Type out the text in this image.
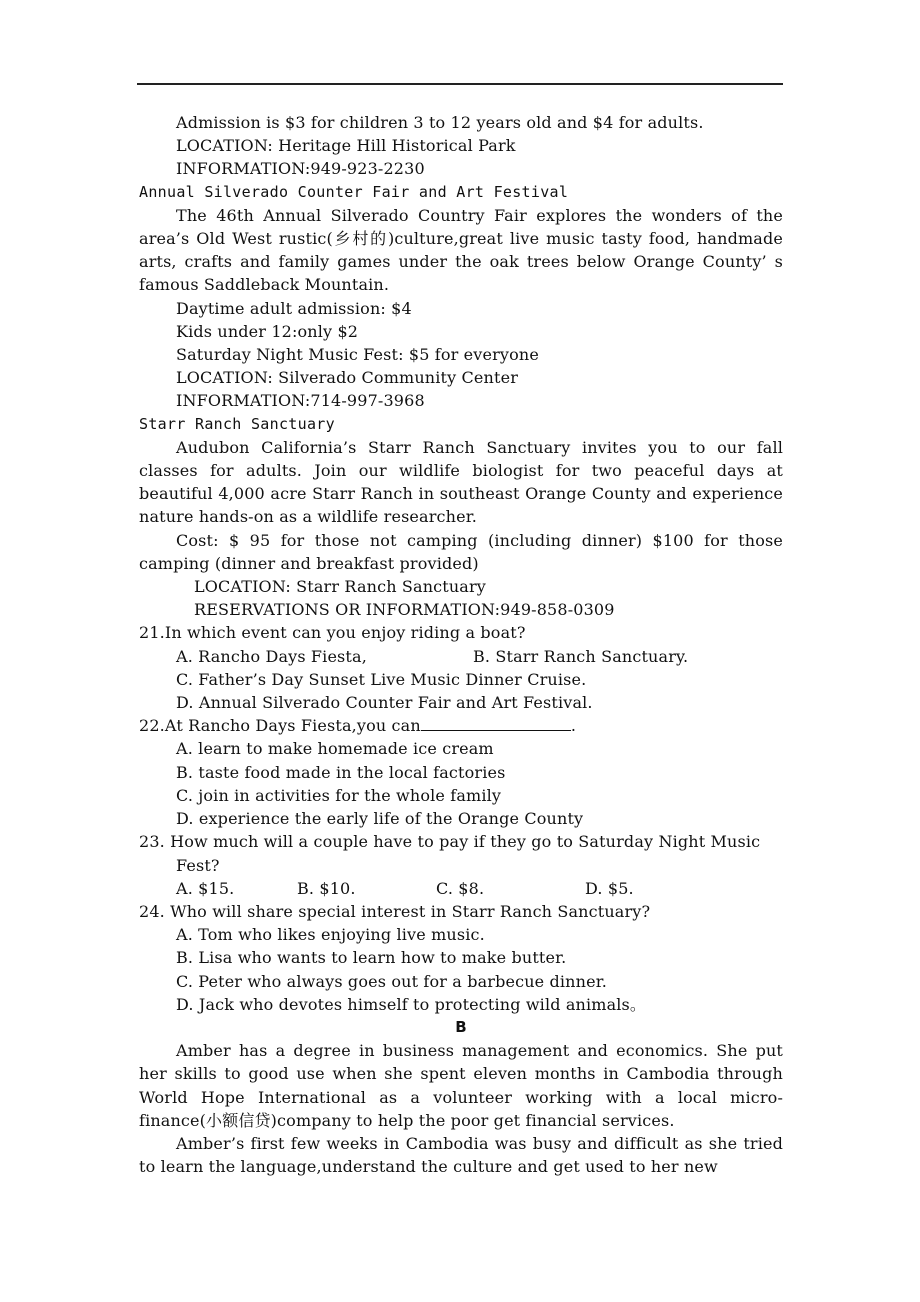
Admission is $3 for children 3 to 12 years old and $4 for adults.
LOCATION: Heritage Hill Historical Park
INFORMATION:949-923-2230
Annual Silverado Counter Fair and Art Festival
The 46th Annual Silverado Country Fair explores the wonders of the area’s Old West rustic(乡村的)culture,great live music tasty food, handmade arts, crafts and family games under the oak trees below Orange County’ s famous Saddleback Mountain.
Daytime adult admission: $4
Kids under 12:only $2
Saturday Night Music Fest: $5 for everyone
LOCATION: Silverado Community Center
INFORMATION:714-997-3968
Starr Ranch Sanctuary
Audubon California’s Starr Ranch Sanctuary invites you to our fall classes for adults. Join our wildlife biologist for two peaceful days at beautiful 4,000 acre Starr Ranch in southeast Orange County and experience nature hands-on as a wildlife researcher.
Cost: $ 95 for those not camping (including dinner) $100 for those camping (dinner and breakfast provided)
LOCATION: Starr Ranch Sanctuary
RESERVATIONS OR INFORMATION:949-858-0309
21.In which event can you enjoy riding a boat?
A. Rancho Days Fiesta,	B. Starr Ranch Sanctuary.
C. Father’s Day Sunset Live Music Dinner Cruise.
D. Annual Silverado Counter Fair and Art Festival.
22.At Rancho Days Fiesta,you can	.
A. learn to make homemade ice cream
B. taste food made in the local factories
C. join in activities for the whole family
D. experience the early life of the Orange County
23. How much will a couple have to pay if they go to Saturday Night Music
Fest?
A. $15.	B. $10.	C. $8.	D. $5.
24. Who will share special interest in Starr Ranch Sanctuary?
A. Tom who likes enjoying live music.
B. Lisa who wants to learn how to make butter.
C. Peter who always goes out for a barbecue dinner.
D. Jack who devotes himself to protecting wild animals。
B
Amber has a degree in business management and economics. She put her skills to good use when she spent eleven months in Cambodia through World Hope International as a volunteer working with a local micro-finance(小额信贷)company to help the poor get financial services.
Amber’s first few weeks in Cambodia was busy and difficult as she tried to learn the language,understand the culture and get used to her new
